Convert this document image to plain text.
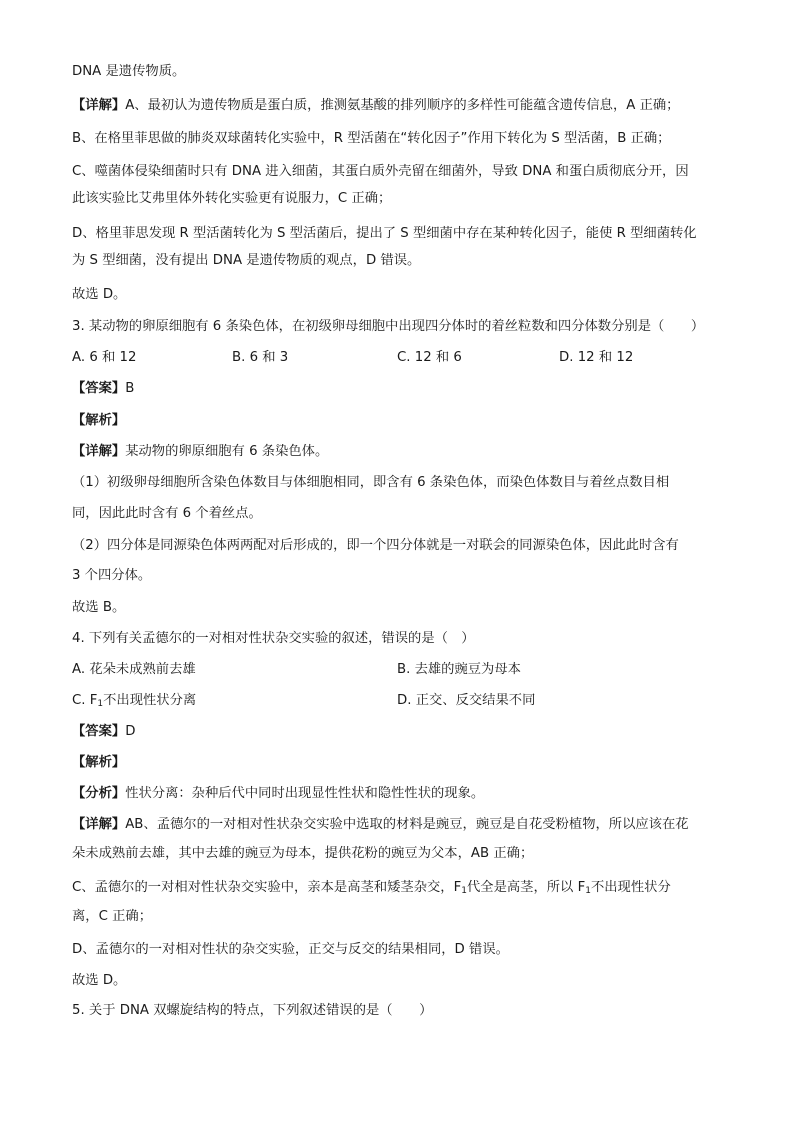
DNA 是遗传物质。
【详解】A、最初认为遗传物质是蛋白质，推测氨基酸的排列顺序的多样性可能蕴含遗传信息，A 正确；
B、在格里菲思做的肺炎双球菌转化实验中，R 型活菌在“转化因子”作用下转化为 S 型活菌，B 正确；
C、噬菌体侵染细菌时只有 DNA 进入细菌，其蛋白质外壳留在细菌外，导致 DNA 和蛋白质彻底分开，因
此该实验比艾弗里体外转化实验更有说服力，C 正确；
D、格里菲思发现 R 型活菌转化为 S 型活菌后，提出了 S 型细菌中存在某种转化因子，能使 R 型细菌转化
为 S 型细菌，没有提出 DNA 是遗传物质的观点，D 错误。
故选 D。
3. 某动物的卵原细胞有 6 条染色体，在初级卵母细胞中出现四分体时的着丝粒数和四分体数分别是（　　）
A. 6 和 12	B. 6 和 3	C. 12 和 6	D. 12 和 12
【答案】B
【解析】
【详解】某动物的卵原细胞有 6 条染色体。
（1）初级卵母细胞所含染色体数目与体细胞相同，即含有 6 条染色体，而染色体数目与着丝点数目相
同，因此此时含有 6 个着丝点。
（2）四分体是同源染色体两两配对后形成的，即一个四分体就是一对联会的同源染色体，因此此时含有
3 个四分体。
故选 B。
4. 下列有关孟德尔的一对相对性状杂交实验的叙述，错误的是（　）
A. 花朵未成熟前去雄	B. 去雄的豌豆为母本
C. $F_1$不出现性状分离	D. 正交、反交结果不同
【答案】D
【解析】
【分析】性状分离：杂种后代中同时出现显性性状和隐性性状的现象。
【详解】AB、孟德尔的一对相对性状杂交实验中选取的材料是豌豆，豌豆是自花受粉植物，所以应该在花
朵未成熟前去雄，其中去雄的豌豆为母本，提供花粉的豌豆为父本，AB 正确；
C、孟德尔的一对相对性状杂交实验中，亲本是高茎和矮茎杂交，$F_1$代全是高茎，所以 $F_1$不出现性状分
离，C 正确；
D、孟德尔的一对相对性状的杂交实验，正交与反交的结果相同，D 错误。
故选 D。
5. 关于 DNA 双螺旋结构的特点，下列叙述错误的是（　　）
